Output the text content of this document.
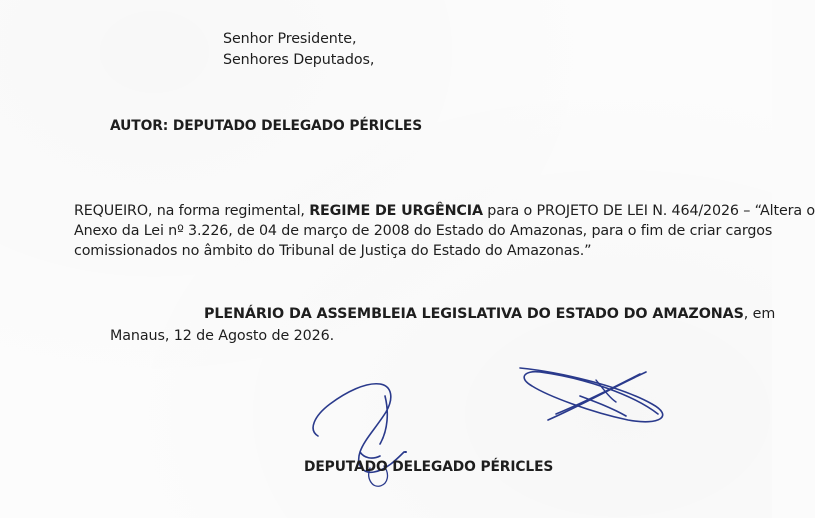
Senhor Presidente,
Senhores Deputados,
AUTOR: DEPUTADO DELEGADO PÉRICLES
REQUEIRO, na forma regimental, REGIME DE URGÊNCIA para o PROJETO DE LEI N. 464/2026 – “Altera o
Anexo da Lei nº 3.226, de 04 de março de 2008 do Estado do Amazonas, para o fim de criar cargos
comissionados no âmbito do Tribunal de Justiça do Estado do Amazonas.”
PLENÁRIO DA ASSEMBLEIA LEGISLATIVA DO ESTADO DO AMAZONAS, em
Manaus, 12 de Agosto de 2026.
DEPUTADO DELEGADO PÉRICLES
